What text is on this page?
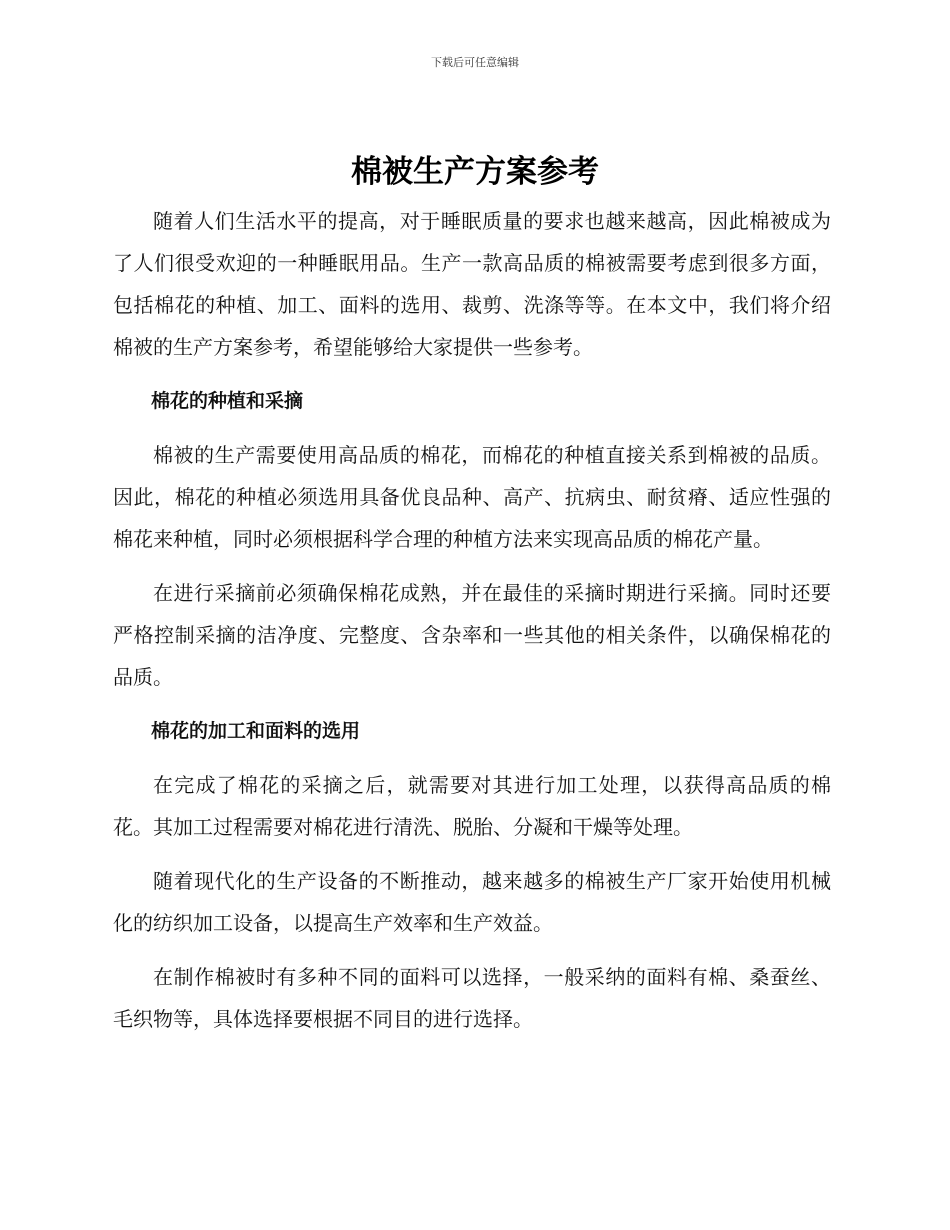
下载后可任意编辑
棉被生产方案参考

随着人们生活水平的提高，对于睡眠质量的要求也越来越高，因此棉被成为了人们很受欢迎的一种睡眠用品。生产一款高品质的棉被需要考虑到很多方面，包括棉花的种植、加工、面料的选用、裁剪、洗涤等等。在本文中，我们将介绍棉被的生产方案参考，希望能够给大家提供一些参考。

棉花的种植和采摘

棉被的生产需要使用高品质的棉花，而棉花的种植直接关系到棉被的品质。因此，棉花的种植必须选用具备优良品种、高产、抗病虫、耐贫瘠、适应性强的棉花来种植，同时必须根据科学合理的种植方法来实现高品质的棉花产量。

在进行采摘前必须确保棉花成熟，并在最佳的采摘时期进行采摘。同时还要严格控制采摘的洁净度、完整度、含杂率和一些其他的相关条件，以确保棉花的品质。

棉花的加工和面料的选用

在完成了棉花的采摘之后，就需要对其进行加工处理，以获得高品质的棉花。其加工过程需要对棉花进行清洗、脱胎、分凝和干燥等处理。

随着现代化的生产设备的不断推动，越来越多的棉被生产厂家开始使用机械化的纺织加工设备，以提高生产效率和生产效益。

在制作棉被时有多种不同的面料可以选择，一般采纳的面料有棉、桑蚕丝、毛织物等，具体选择要根据不同目的进行选择。
